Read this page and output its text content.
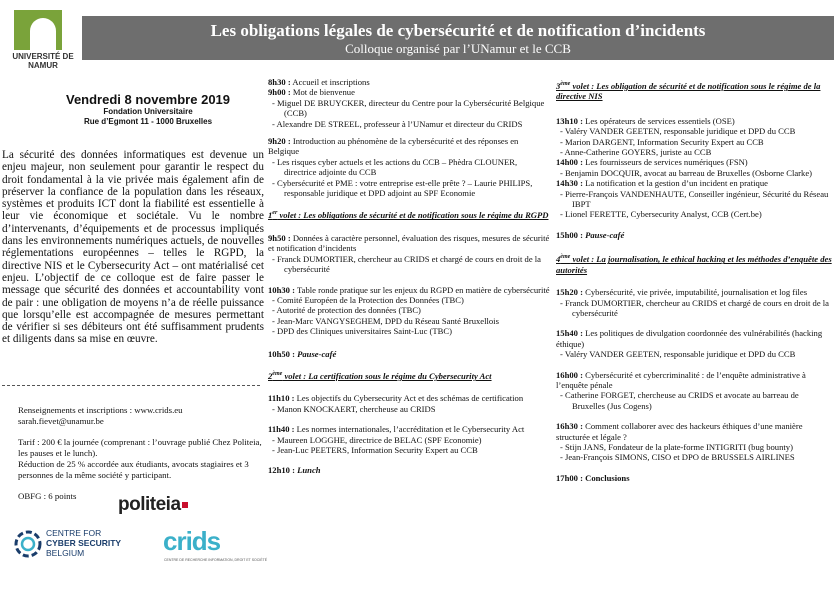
UNIVERSITÉ DE NAMUR
Les obligations légales de cybersécurité et de notification d’incidents
Colloque organisé par l’UNamur et le CCB
Vendredi 8 novembre 2019
Fondation Universitaire
Rue d’Egmont 11 - 1000 Bruxelles
La sécurité des données informatiques est devenue un enjeu majeur, non seulement pour garantir le respect du droit fondamental à la vie privée mais également afin de préserver la confiance de la population dans les réseaux, systèmes et produits ICT dont la fiabilité est essentielle à leur vie économique et sociétale. Vu le nombre d’intervenants, d’équipements et de processus impliqués dans les environnements numériques actuels, de nouvelles réglementations européennes – telles le RGPD, la directive NIS et le Cybersecurity Act – ont matérialisé cet enjeu. L’objectif de ce colloque est de faire passer le message que sécurité des données et accountability vont de pair : une obligation de moyens n’a de réelle puissance que lorsqu’elle est accompagnée de mesures permettant de vérifier si ses débiteurs ont été suffisamment prudents et diligents dans sa mise en œuvre.

Renseignements et inscriptions : www.crids.eu

sarah.fievet@unamur.be

Tarif : 200 € la journée (comprenant : l’ouvrage publié Chez Politeia, les pauses et le lunch).

Réduction de 25 % accordée aux étudiants, avocats stagiaires et 3 personnes de la même société y participant.

OBFG : 6 points	politeia
CENTRE FOR
CYBER SECURITY
BELGIUM	crids
CENTRE DE RECHERCHE INFORMATION, DROIT ET SOCIÉTÉ

8h30 : Accueil et inscriptions

9h00 : Mot de bienvenue

- Miguel DE BRUYCKER, directeur du Centre pour la Cybersécurité Belgique (CCB)

- Alexandre DE STREEL, professeur à l’UNamur et directeur du CRIDS

9h20 : Introduction au phénomène de la cybersécurité et des réponses en Belgique

- Les risques cyber actuels et les actions du CCB – Phèdra CLOUNER, directrice adjointe du CCB

- Cybersécurité et PME : votre entreprise est-elle prête ? – Laurie PHILIPS, responsable juridique et DPD adjoint au SPF Economie

1er volet : Les obligations de sécurité et de notification sous le régime du RGPD

9h50 : Données à caractère personnel, évaluation des risques, mesures de sécurité et notification d’incidents

- Franck DUMORTIER, chercheur au CRIDS et chargé de cours en droit de la cybersécurité

10h30 : Table ronde pratique sur les enjeux du RGPD en matière de cybersécurité

- Comité Européen de la Protection des Données (TBC)

- Autorité de protection des données (TBC)

- Jean-Marc VANGYSEGHEM, DPD du Réseau Santé Bruxellois

- DPD des Cliniques universitaires Saint-Luc (TBC)

10h50 : Pause-café

2ème volet : La certification sous le régime du Cybersecurity Act

11h10 : Les objectifs du Cybersecurity Act et des schémas de certification

- Manon KNOCKAERT, chercheuse au CRIDS

11h40 : Les normes internationales, l’accréditation et le Cybersecurity Act

- Maureen LOGGHE, directrice de BELAC (SPF Economie)

- Jean-Luc PEETERS, Information Security Expert au CCB

12h10 : Lunch

3ème volet : Les obligation de sécurité et de notification sous le régime de la directive NIS

13h10 : Les opérateurs de services essentiels (OSE)

- Valéry VANDER GEETEN, responsable juridique et DPD du CCB

- Marion DARGENT, Information Security Expert au CCB

- Anne-Catherine GOYERS, juriste au CCB

14h00 : Les fournisseurs de services numériques (FSN)

- Benjamin DOCQUIR, avocat au barreau de Bruxelles (Osborne Clarke)

14h30 : La notification et la gestion d’un incident en pratique

- Pierre-François VANDENHAUTE, Conseiller ingénieur, Sécurité du Réseau IBPT

- Lionel FERETTE, Cybersecurity Analyst, CCB (Cert.be)

15h00 : Pause-café

4ème volet : La journalisation, le ethical hacking et les méthodes d’enquête des autorités

15h20 : Cybersécurité, vie privée, imputabilité, journalisation et log files

- Franck DUMORTIER, chercheur au CRIDS et chargé de cours en droit de la cybersécurité

15h40 : Les politiques de divulgation coordonnée des vulnérabilités (hacking éthique)

- Valéry VANDER GEETEN, responsable juridique et DPD du CCB

16h00 : Cybersécurité et cybercriminalité : de l’enquête administrative à l’enquête pénale

- Catherine FORGET, chercheuse au CRIDS et avocate au barreau de Bruxelles (Jus Cogens)

16h30 : Comment collaborer avec des hackeurs éthiques d’une manière structurée et légale ?

- Stijn JANS, Fondateur de la plate-forme INTIGRITI (bug bounty)

- Jean-François SIMONS, CISO et DPO de BRUSSELS AIRLINES

17h00 : Conclusions
